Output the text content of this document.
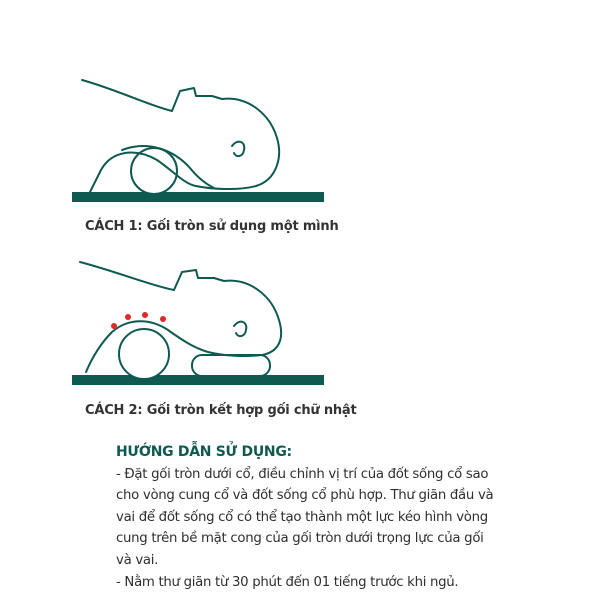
CÁCH 1: Gối tròn sử dụng một mình
CÁCH 2: Gối tròn kết hợp gối chữ nhật
HƯỚNG DẪN SỬ DỤNG:
- Đặt gối tròn dưới cổ, điều chỉnh vị trí của đốt sống cổ sao
cho vòng cung cổ và đốt sống cổ phù hợp. Thư giãn đầu và
vai để đốt sống cổ có thể tạo thành một lực kéo hình vòng
cung trên bề mặt cong của gối tròn dưới trọng lực của gối
và vai.
- Nằm thư giãn từ 30 phút đến 01 tiếng trước khi ngủ.
